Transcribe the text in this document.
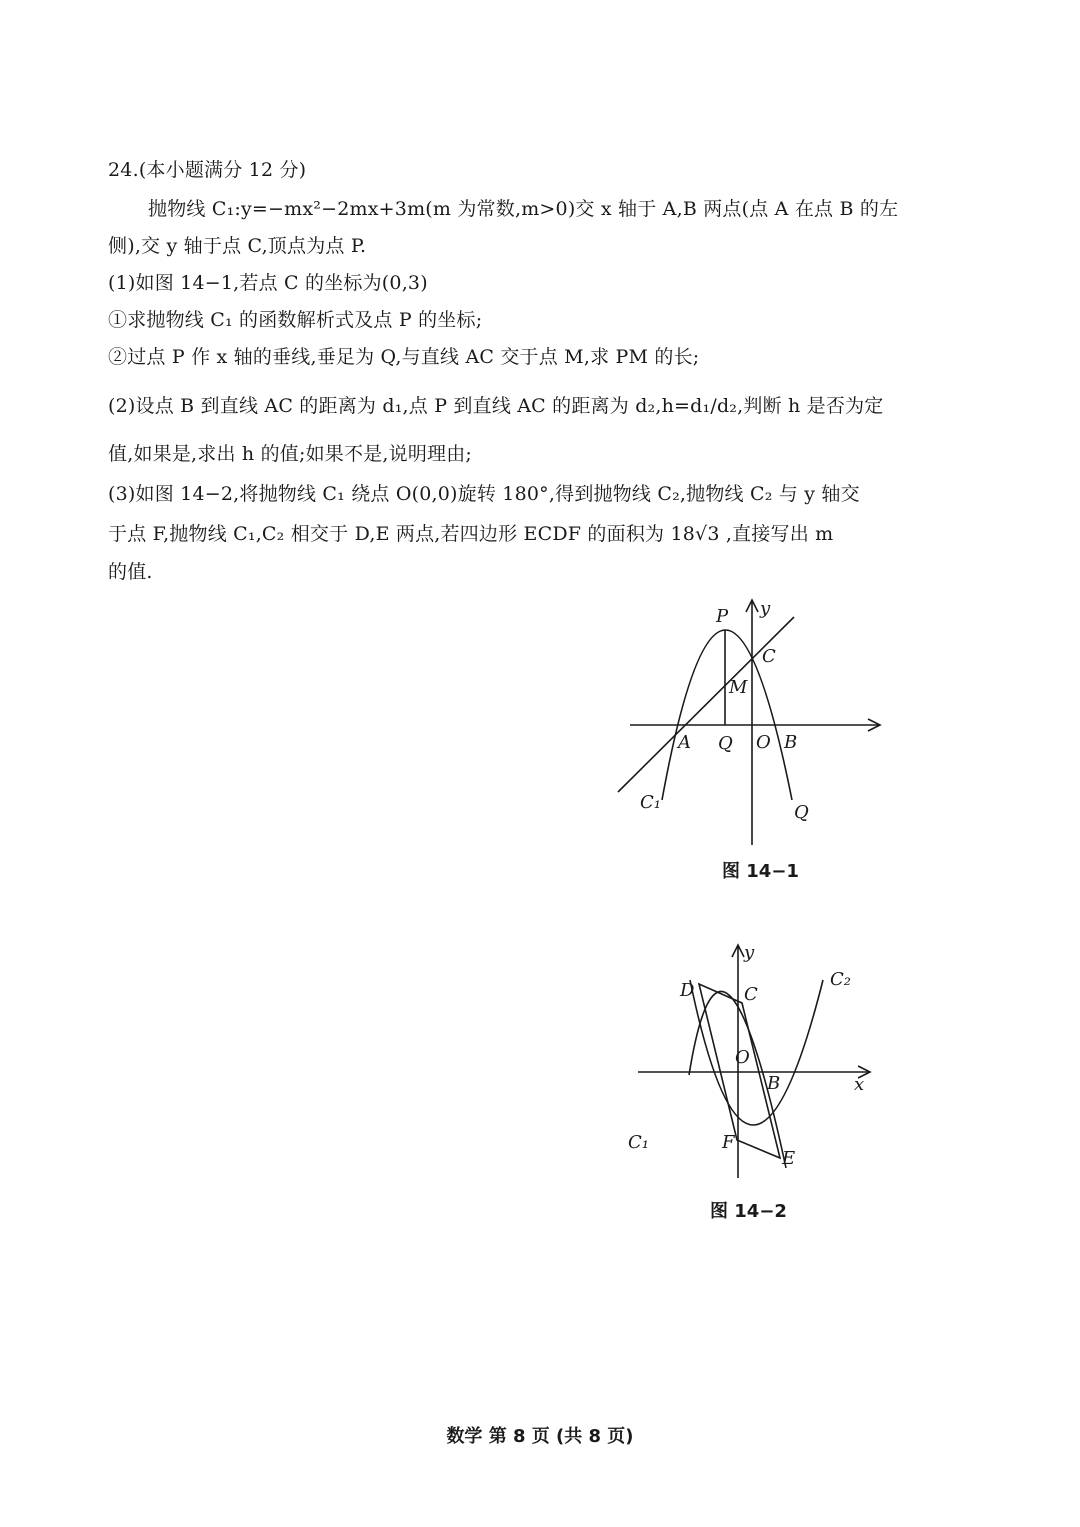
24.(本小题满分 12 分)
抛物线 C₁:y=−mx²−2mx+3m(m 为常数,m>0)交 x 轴于 A,B 两点(点 A 在点 B 的左
侧),交 y 轴于点 C,顶点为点 P.
(1)如图 14−1,若点 C 的坐标为(0,3)
①求抛物线 C₁ 的函数解析式及点 P 的坐标;
②过点 P 作 x 轴的垂线,垂足为 Q,与直线 AC 交于点 M,求 PM 的长;
(2)设点 B 到直线 AC 的距离为 d₁,点 P 到直线 AC 的距离为 d₂,h=d₁/d₂,判断 h 是否为定
值,如果是,求出 h 的值;如果不是,说明理由;
(3)如图 14−2,将抛物线 C₁ 绕点 O(0,0)旋转 180°,得到抛物线 C₂,抛物线 C₂ 与 y 轴交
于点 F,抛物线 C₁,C₂ 相交于 D,E 两点,若四边形 ECDF 的面积为 18√3 ,直接写出 m
的值.
P y
C
M
A Q O B
C₁	Q
图 14−1
y
D	C
C₂
O
B	x
C₁	F
E
图 14−2
数学 第 8 页 (共 8 页)
